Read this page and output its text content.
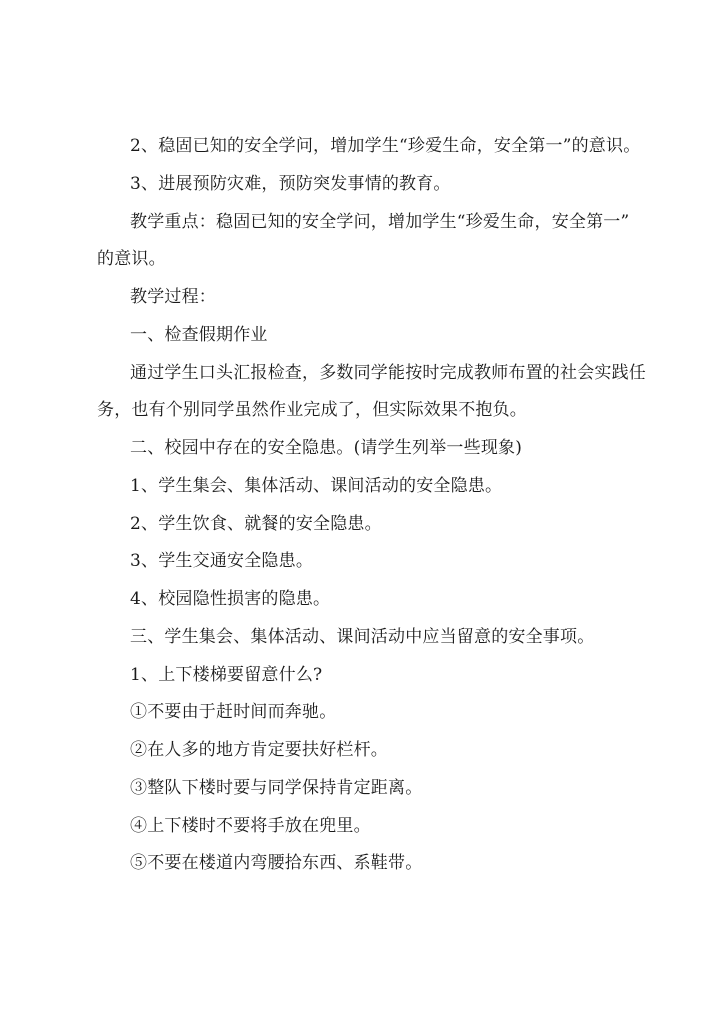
2、稳固已知的安全学问，增加学生“珍爱生命，安全第一”的意识。
3、进展预防灾难，预防突发事情的教育。
教学重点：稳固已知的安全学问，增加学生“珍爱生命，安全第一”
的意识。
教学过程：
一、检查假期作业
通过学生口头汇报检查，多数同学能按时完成教师布置的社会实践任
务，也有个别同学虽然作业完成了，但实际效果不抱负。
二、校园中存在的安全隐患。(请学生列举一些现象)
1、学生集会、集体活动、课间活动的安全隐患。
2、学生饮食、就餐的安全隐患。
3、学生交通安全隐患。
4、校园隐性损害的隐患。
三、学生集会、集体活动、课间活动中应当留意的安全事项。
1、上下楼梯要留意什么?
①不要由于赶时间而奔驰。
②在人多的地方肯定要扶好栏杆。
③整队下楼时要与同学保持肯定距离。
④上下楼时不要将手放在兜里。
⑤不要在楼道内弯腰拾东西、系鞋带。
